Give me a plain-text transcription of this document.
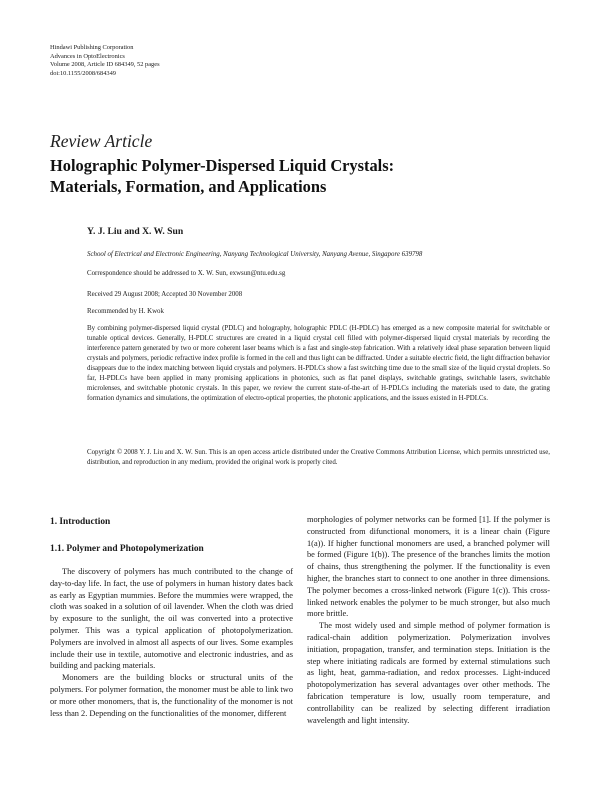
Hindawi Publishing Corporation
Advances in OptoElectronics
Volume 2008, Article ID 684349, 52 pages
doi:10.1155/2008/684349
Review Article
Holographic Polymer-Dispersed Liquid Crystals:
Materials, Formation, and Applications
Y. J. Liu and X. W. Sun
School of Electrical and Electronic Engineering, Nanyang Technological University, Nanyang Avenue, Singapore 639798
Correspondence should be addressed to X. W. Sun, exwsun@ntu.edu.sg
Received 29 August 2008; Accepted 30 November 2008
Recommended by H. Kwok

By combining polymer-dispersed liquid crystal (PDLC) and holography, holographic PDLC (H-PDLC) has emerged as a new composite material for switchable or tunable optical devices. Generally, H-PDLC structures are created in a liquid crystal cell filled with polymer-dispersed liquid crystal materials by recording the interference pattern generated by two or more coherent laser beams which is a fast and single-step fabrication. With a relatively ideal phase separation between liquid crystals and polymers, periodic refractive index profile is formed in the cell and thus light can be diffracted. Under a suitable electric field, the light diffraction behavior disappears due to the index matching between liquid crystals and polymers. H-PDLCs show a fast switching time due to the small size of the liquid crystal droplets. So far, H-PDLCs have been applied in many promising applications in photonics, such as flat panel displays, switchable gratings, switchable lasers, switchable microlenses, and switchable photonic crystals. In this paper, we review the current state-of-the-art of H-PDLCs including the materials used to date, the grating formation dynamics and simulations, the optimization of electro-optical properties, the photonic applications, and the issues existed in H-PDLCs.

Copyright © 2008 Y. J. Liu and X. W. Sun. This is an open access article distributed under the Creative Commons Attribution License, which permits unrestricted use, distribution, and reproduction in any medium, provided the original work is properly cited.

1. Introduction
1.1. Polymer and Photopolymerization

The discovery of polymers has much contributed to the change of day-to-day life. In fact, the use of polymers in human history dates back as early as Egyptian mummies. Before the mummies were wrapped, the cloth was soaked in a solution of oil lavender. When the cloth was dried by exposure to the sunlight, the oil was converted into a protective polymer. This was a typical application of photopolymerization. Polymers are involved in almost all aspects of our lives. Some examples include their use in textile, automotive and electronic industries, and as building and packing materials.

Monomers are the building blocks or structural units of the polymers. For polymer formation, the monomer must be able to link two or more other monomers, that is, the functionality of the monomer is not less than 2. Depending on the functionalities of the monomer, different

morphologies of polymer networks can be formed [1]. If the polymer is constructed from difunctional monomers, it is a linear chain (Figure 1(a)). If higher functional monomers are used, a branched polymer will be formed (Figure 1(b)). The presence of the branches limits the motion of chains, thus strengthening the polymer. If the functionality is even higher, the branches start to connect to one another in three dimensions. The polymer becomes a cross-linked network (Figure 1(c)). This cross-linked network enables the polymer to be much stronger, but also much more brittle.

The most widely used and simple method of polymer formation is radical-chain addition polymerization. Polymerization involves initiation, propagation, transfer, and termination steps. Initiation is the step where initiating radicals are formed by external stimulations such as light, heat, gamma-radiation, and redox processes. Light-induced photopolymerization has several advantages over other methods. The fabrication temperature is low, usually room temperature, and controllability can be realized by selecting different irradiation wavelength and light intensity.
